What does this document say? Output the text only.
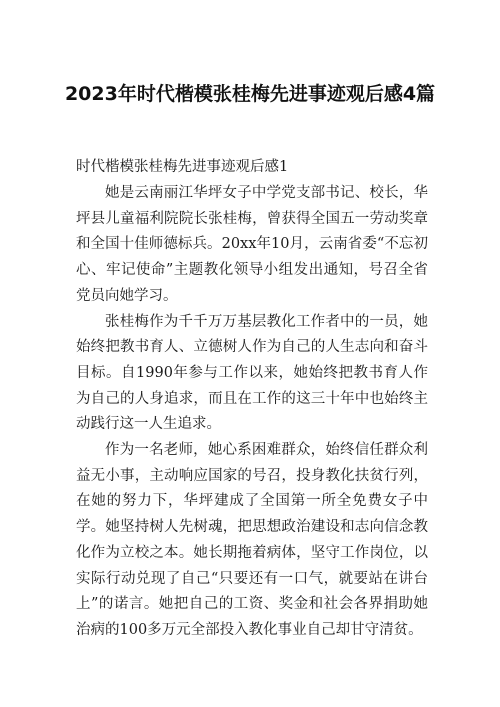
2023年时代楷模张桂梅先进事迹观后感4篇

时代楷模张桂梅先进事迹观后感1

她是云南丽江华坪女子中学党支部书记、校长，华坪县儿童福利院院长张桂梅，曾获得全国五一劳动奖章和全国十佳师德标兵。20xx年10月，云南省委“不忘初心、牢记使命”主题教化领导小组发出通知，号召全省党员向她学习。

张桂梅作为千千万万基层教化工作者中的一员，她始终把教书育人、立德树人作为自己的人生志向和奋斗目标。自1990年参与工作以来，她始终把教书育人作为自己的人身追求，而且在工作的这三十年中也始终主动践行这一人生追求。

作为一名老师，她心系困难群众，始终信任群众利益无小事，主动响应国家的号召，投身教化扶贫行列，在她的努力下，华坪建成了全国第一所全免费女子中学。她坚持树人先树魂，把思想政治建设和志向信念教化作为立校之本。她长期拖着病体，坚守工作岗位，以实际行动兑现了自己“只要还有一口气，就要站在讲台上”的诺言。她把自己的工资、奖金和社会各界捐助她治病的100多万元全部投入教化事业自己却甘守清贫。
